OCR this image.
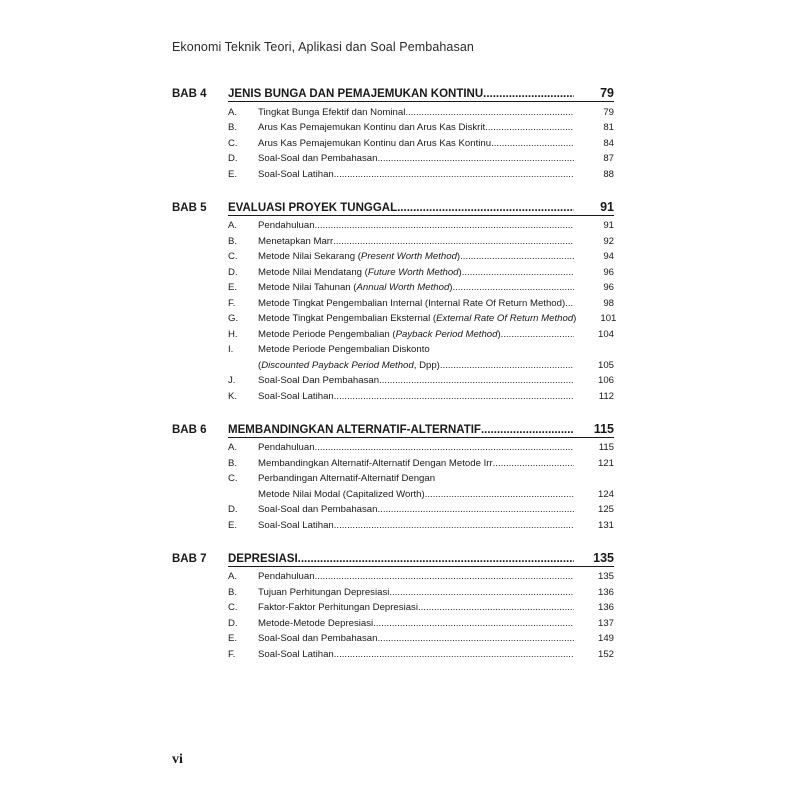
Ekonomi Teknik Teori, Aplikasi dan Soal Pembahasan
BAB 4	JENIS BUNGA DAN PEMAJEMUKAN KONTINU .....	79
A.	Tingkat Bunga Efektif dan Nominal .....	79
B.	Arus Kas Pemajemukan Kontinu dan Arus Kas Diskrit .....	81
C.	Arus Kas Pemajemukan Kontinu dan Arus Kas Kontinu .....	84
D.	Soal-Soal dan Pembahasan .....	87
E.	Soal-Soal Latihan .....	88
BAB 5	EVALUASI PROYEK TUNGGAL .....	91
A.	Pendahuluan .....	91
B.	Menetapkan Marr .....	92
C.	Metode Nilai Sekarang (Present Worth Method) .....	94
D.	Metode Nilai Mendatang (Future Worth Method) .....	96
E.	Metode Nilai Tahunan (Annual Worth Method) .....	96
F.	Metode Tingkat Pengembalian Internal (Internal Rate Of Return Method) .....	98
G.	Metode Tingkat Pengembalian Eksternal (External Rate Of Return Method)	101
H.	Metode Periode Pengembalian (Payback Period Method) .....	104
I.	Metode Periode Pengembalian Diskonto
(Discounted Payback Period Method, Dpp) .....	105
J.	Soal-Soal Dan Pembahasan .....	106
K.	Soal-Soal Latihan .....	112
BAB 6	MEMBANDINGKAN ALTERNATIF-ALTERNATIF .....	115
A.	Pendahuluan .....	115
B.	Membandingkan Alternatif-Alternatif Dengan Metode Irr .....	121
C.	Perbandingan Alternatif-Alternatif Dengan
Metode Nilai Modal (Capitalized Worth) .....	124
D.	Soal-Soal dan Pembahasan .....	125
E.	Soal-Soal Latihan .....	131
BAB 7	DEPRESIASI .....	135
A.	Pendahuluan .....	135
B.	Tujuan Perhitungan Depresiasi .....	136
C.	Faktor-Faktor Perhitungan Depresiasi .....	136
D.	Metode-Metode Depresiasi .....	137
E.	Soal-Soal dan Pembahasan .....	149
F.	Soal-Soal Latihan .....	152
vi
